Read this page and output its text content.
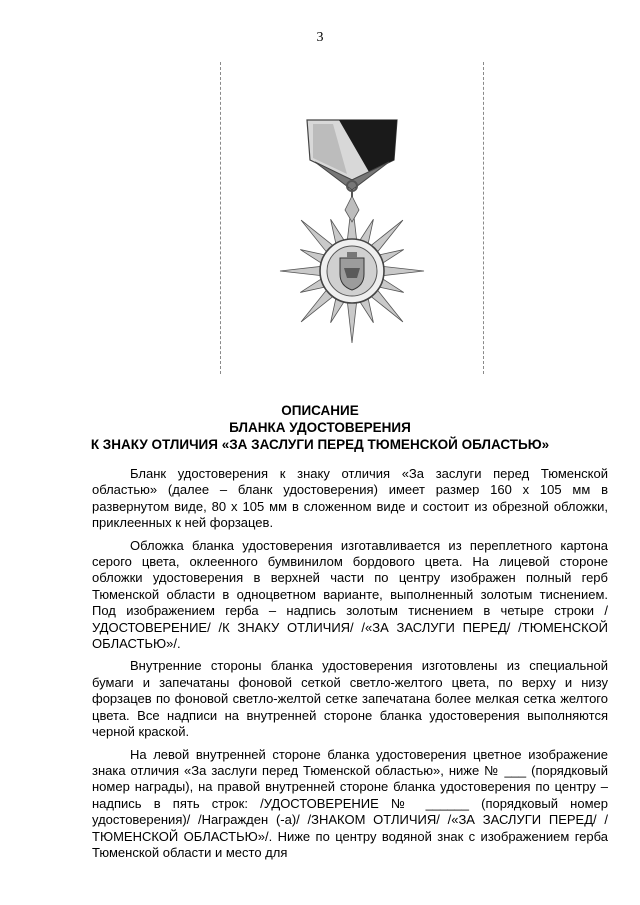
3
ОПИСАНИЕ
БЛАНКА УДОСТОВЕРЕНИЯ
К ЗНАКУ ОТЛИЧИЯ «ЗА ЗАСЛУГИ ПЕРЕД ТЮМЕНСКОЙ ОБЛАСТЬЮ»

Бланк удостоверения к знаку отличия «За заслуги перед Тюменской областью» (далее – бланк удостоверения) имеет размер 160 х 105 мм в развернутом виде, 80 х 105 мм в сложенном виде и состоит из обрезной обложки, приклеенных к ней форзацев.

Обложка бланка удостоверения изготавливается из переплетного картона серого цвета, оклеенного бумвинилом бордового цвета. На лицевой стороне обложки удостоверения в верхней части по центру изображен полный герб Тюменской области в одноцветном варианте, выполненный золотым тиснением. Под изображением герба – надпись золотым тиснением в четыре строки /УДОСТОВЕРЕНИЕ/ /К ЗНАКУ ОТЛИЧИЯ/ /«ЗА ЗАСЛУГИ ПЕРЕД/ /ТЮМЕНСКОЙ ОБЛАСТЬЮ»/.

Внутренние стороны бланка удостоверения изготовлены из специальной бумаги и запечатаны фоновой сеткой светло-желтого цвета, по верху и низу форзацев по фоновой светло-желтой сетке запечатана более мелкая сетка желтого цвета. Все надписи на внутренней стороне бланка удостоверения выполняются черной краской.

На левой внутренней стороне бланка удостоверения цветное изображение знака отличия «За заслуги перед Тюменской областью», ниже № ___ (порядковый номер награды), на правой внутренней стороне бланка удостоверения по центру – надпись в пять строк: /УДОСТОВЕРЕНИЕ № ______ (порядковый номер удостоверения)/ /Награжден (-а)/ /ЗНАКОМ ОТЛИЧИЯ/ /«ЗА ЗАСЛУГИ ПЕРЕД/ /ТЮМЕНСКОЙ ОБЛАСТЬЮ»/. Ниже по центру водяной знак с изображением герба Тюменской области и место для
